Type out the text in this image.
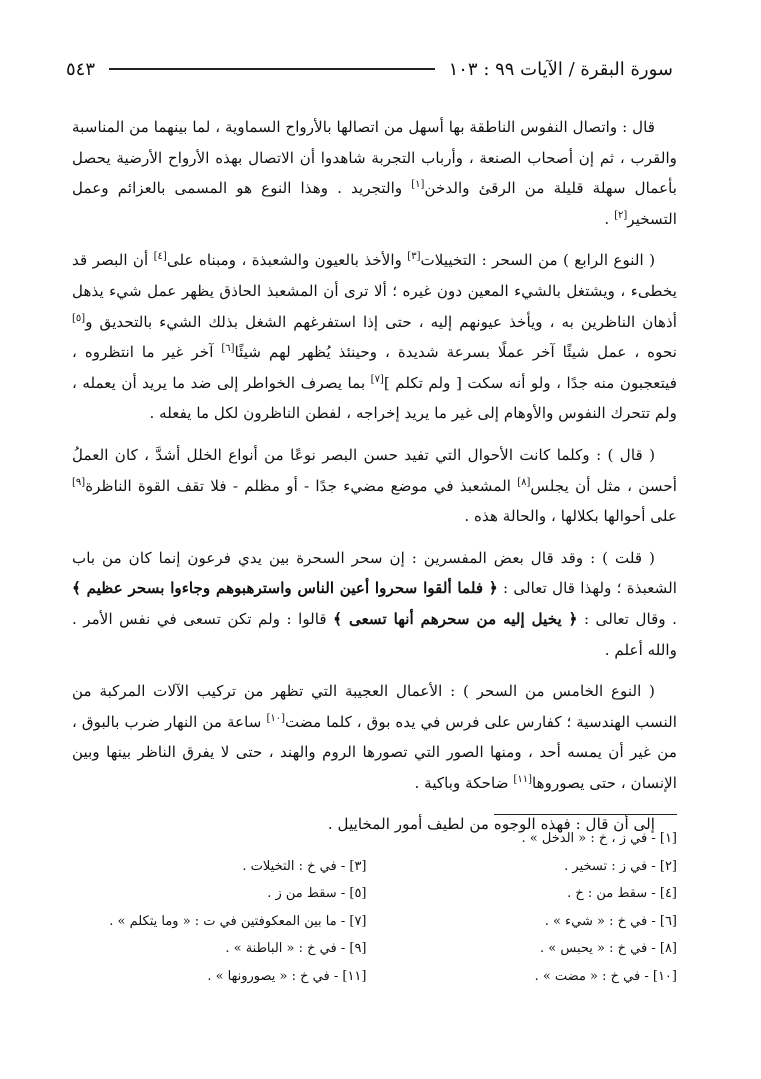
سورة البقرة / الآيات ٩٩ : ١٠٣
٥٤٣

قال : واتصال النفوس الناطقة بها أسهل من اتصالها بالأرواح السماوية ، لما بينهما من المناسبة والقرب ، ثم إن أصحاب الصنعة ، وأرباب التجربة شاهدوا أن الاتصال بهذه الأرواح الأرضية يحصل بأعمال سهلة قليلة من الرقئ والدخن[١] والتجريد . وهذا النوع هو المسمى بالعزائم وعمل التسخير[٢] .

( النوع الرابع ) من السحر : التخييلات[٣] والأخذ بالعيون والشعبذة ، ومبناه على[٤] أن البصر قد يخطىء ، ويشتغل بالشيء المعين دون غيره ؛ ألا ترى أن المشعبذ الحاذق يظهر عمل شيء يذهل أذهان الناظرين به ، ويأخذ عيونهم إليه ، حتى إذا استفرغهم الشغل بذلك الشيء بالتحديق و[٥] نحوه ، عمل شيئًا آخر عملًا بسرعة شديدة ، وحينئذ يُظهر لهم شيئًا[٦] آخر غير ما انتظروه ، فيتعجبون منه جدًا ، ولو أنه سكت [ ولم تكلم ][٧] بما يصرف الخواطر إلى ضد ما يريد أن يعمله ، ولم تتحرك النفوس والأوهام إلى غير ما يريد إخراجه ، لفطن الناظرون لكل ما يفعله .

( قال ) : وكلما كانت الأحوال التي تفيد حسن البصر نوعًا من أنواع الخلل أشدَّ ، كان العملُ أحسن ، مثل أن يجلس[٨] المشعبذ في موضع مضيء جدًا - أو مظلم - فلا تقف القوة الناظرة[٩] على أحوالها بكلالها ، والحالة هذه .

( قلت ) : وقد قال بعض المفسرين : إن سحر السحرة بين يدي فرعون إنما كان من باب الشعبذة ؛ ولهذا قال تعالى : ﴿ فلما ألقوا سحروا أعين الناس واسترهبوهم وجاءوا بسحر عظيم ﴾ . وقال تعالى : ﴿ يخيل إليه من سحرهم أنها تسعى ﴾ قالوا : ولم تكن تسعى في نفس الأمر . والله أعلم .

( النوع الخامس من السحر ) : الأعمال العجيبة التي تظهر من تركيب الآلات المركبة من النسب الهندسية ؛ كفارس على فرس في يده بوق ، كلما مضت[١٠] ساعة من النهار ضرب بالبوق ، من غير أن يمسه أحد ، ومنها الصور التي تصورها الروم والهند ، حتى لا يفرق الناظر بينها وبين الإنسان ، حتى يصوروها[١١] ضاحكة وباكية .

إلى أن قال : فهذه الوجوه من لطيف أمور المخاييل .

[١] - في ز ، خ : « الدخل » .
[٣] - في خ : التخيلات .	[٢] - في ز : تسخير .
[٥] - سقط من ز .	[٤] - سقط من : خ .
[٧] - ما بين المعكوفتين في ت : « وما يتكلم » .	[٦] - في خ : « شيء » .
[٩] - في خ : « الباطنة » .	[٨] - في خ : « يحبس » .
[١١] - في خ : « يصورونها » .	[١٠] - في خ : « مضت » .
